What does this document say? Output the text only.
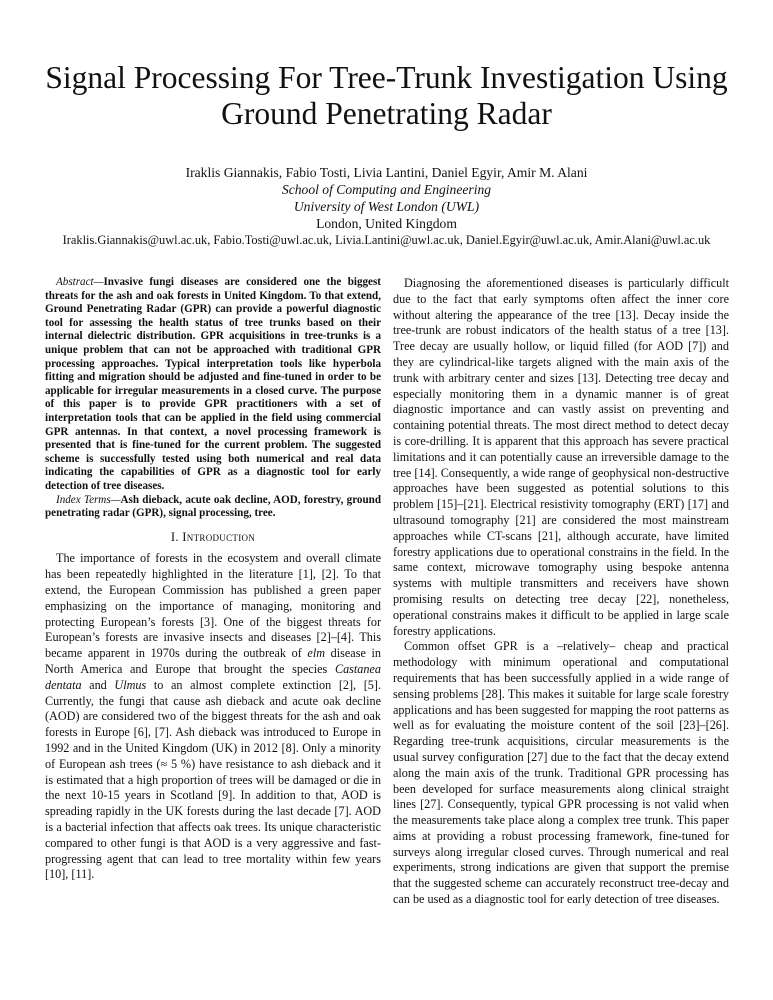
Signal Processing For Tree-Trunk Investigation Using Ground Penetrating Radar
Iraklis Giannakis, Fabio Tosti, Livia Lantini, Daniel Egyir, Amir M. Alani
School of Computing and Engineering
University of West London (UWL)
London, United Kingdom
Iraklis.Giannakis@uwl.ac.uk, Fabio.Tosti@uwl.ac.uk, Livia.Lantini@uwl.ac.uk, Daniel.Egyir@uwl.ac.uk, Amir.Alani@uwl.ac.uk

Abstract—Invasive fungi diseases are considered one the biggest threats for the ash and oak forests in United Kingdom. To that extend, Ground Penetrating Radar (GPR) can provide a powerful diagnostic tool for assessing the health status of tree trunks based on their internal dielectric distribution. GPR acquisitions in tree-trunks is a unique problem that can not be approached with traditional GPR processing approaches. Typical interpretation tools like hyperbola fitting and migration should be adjusted and fine-tuned in order to be applicable for irregular measurements in a closed curve. The purpose of this paper is to provide GPR practitioners with a set of interpretation tools that can be applied in the field using commercial GPR antennas. In that context, a novel processing framework is presented that is fine-tuned for the current problem. The suggested scheme is successfully tested using both numerical and real data indicating the capabilities of GPR as a diagnostic tool for early detection of tree diseases.

Index Terms—Ash dieback, acute oak decline, AOD, forestry, ground penetrating radar (GPR), signal processing, tree.

I. Introduction

The importance of forests in the ecosystem and overall climate has been repeatedly highlighted in the literature [1], [2]. To that extend, the European Commission has published a green paper emphasizing on the importance of managing, monitoring and protecting European’s forests [3]. One of the biggest threats for European’s forests are invasive insects and diseases [2]–[4]. This became apparent in 1970s during the outbreak of elm disease in North America and Europe that brought the species Castanea dentata and Ulmus to an almost complete extinction [2], [5]. Currently, the fungi that cause ash dieback and acute oak decline (AOD) are considered two of the biggest threats for the ash and oak forests in Europe [6], [7]. Ash dieback was introduced to Europe in 1992 and in the United Kingdom (UK) in 2012 [8]. Only a minority of European ash trees (≈ 5 %) have resistance to ash dieback and it is estimated that a high proportion of trees will be damaged or die in the next 10-15 years in Scotland [9]. In addition to that, AOD is spreading rapidly in the UK forests during the last decade [7]. AOD is a bacterial infection that affects oak trees. Its unique characteristic compared to other fungi is that AOD is a very aggressive and fast-progressing agent that can lead to tree mortality within few years [10], [11].

Diagnosing the aforementioned diseases is particularly difficult due to the fact that early symptoms often affect the inner core without altering the appearance of the tree [13]. Decay inside the tree-trunk are robust indicators of the health status of a tree [13]. Tree decay are usually hollow, or liquid filled (for AOD [7]) and they are cylindrical-like targets aligned with the main axis of the trunk with arbitrary center and sizes [13]. Detecting tree decay and especially monitoring them in a dynamic manner is of great diagnostic importance and can vastly assist on preventing and containing potential threats. The most direct method to detect decay is core-drilling. It is apparent that this approach has severe practical limitations and it can potentially cause an irreversible damage to the tree [14]. Consequently, a wide range of geophysical non-destructive approaches have been suggested as potential solutions to this problem [15]–[21]. Electrical resistivity tomography (ERT) [17] and ultrasound tomography [21] are considered the most mainstream approaches while CT-scans [21], although accurate, have limited forestry applications due to operational constrains in the field. In the same context, microwave tomography using bespoke antenna systems with multiple transmitters and receivers have shown promising results on detecting tree decay [22], nonetheless, operational constrains makes it difficult to be applied in large scale forestry applications.

Common offset GPR is a –relatively– cheap and practical methodology with minimum operational and computational requirements that has been successfully applied in a wide range of sensing problems [28]. This makes it suitable for large scale forestry applications and has been suggested for mapping the root patterns as well as for evaluating the moisture content of the soil [23]–[26]. Regarding tree-trunk acquisitions, circular measurements is the usual survey configuration [27] due to the fact that the decay extend along the main axis of the trunk. Traditional GPR processing has been developed for surface measurements along clinical straight lines [27]. Consequently, typical GPR processing is not valid when the measurements take place along a complex tree trunk. This paper aims at providing a robust processing framework, fine-tuned for surveys along irregular closed curves. Through numerical and real experiments, strong indications are given that support the premise that the suggested scheme can accurately reconstruct tree-decay and can be used as a diagnostic tool for early detection of tree diseases.
